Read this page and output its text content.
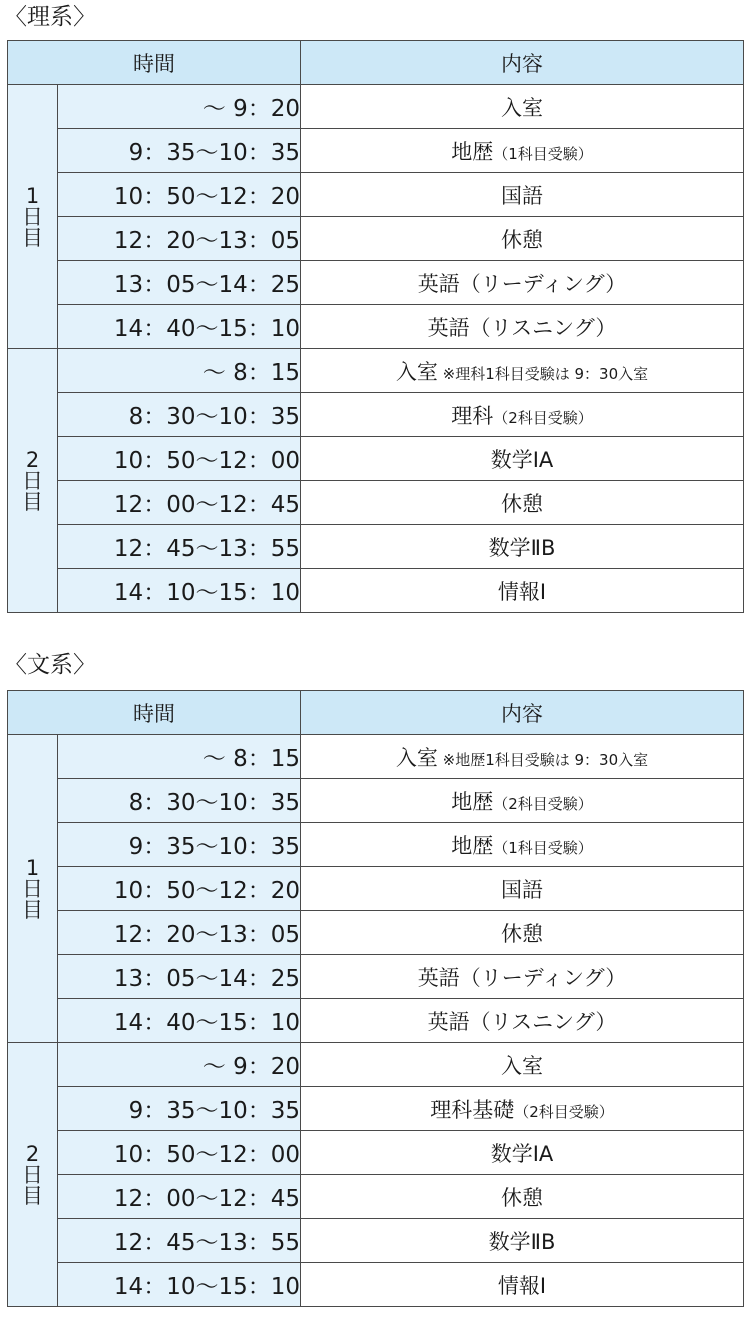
〈理系〉
時間		内容

1
日
目	〜 9：20	入室
	9：35〜10：35	地歴（1科目受験）
	10：50〜12：20	国語
	12：20〜13：05	休憩
	13：05〜14：25	英語（リーディング）
	14：40〜15：10	英語（リスニング）

2
日
目	〜 8：15	入室 ※理科1科目受験は 9：30入室
	8：30〜10：35	理科（2科目受験）
	10：50〜12：00	数学ⅠA
	12：00〜12：45	休憩
	12：45〜13：55	数学ⅡB
	14：10〜15：10	情報Ⅰ
〈文系〉
時間		内容

1
日
目	〜 8：15	入室 ※地歴1科目受験は 9：30入室
	8：30〜10：35	地歴（2科目受験）
	9：35〜10：35	地歴（1科目受験）
	10：50〜12：20	国語
	12：20〜13：05	休憩
	13：05〜14：25	英語（リーディング）
	14：40〜15：10	英語（リスニング）

2
日
目	〜 9：20	入室
	9：35〜10：35	理科基礎（2科目受験）
	10：50〜12：00	数学ⅠA
	12：00〜12：45	休憩
	12：45〜13：55	数学ⅡB
	14：10〜15：10	情報Ⅰ
